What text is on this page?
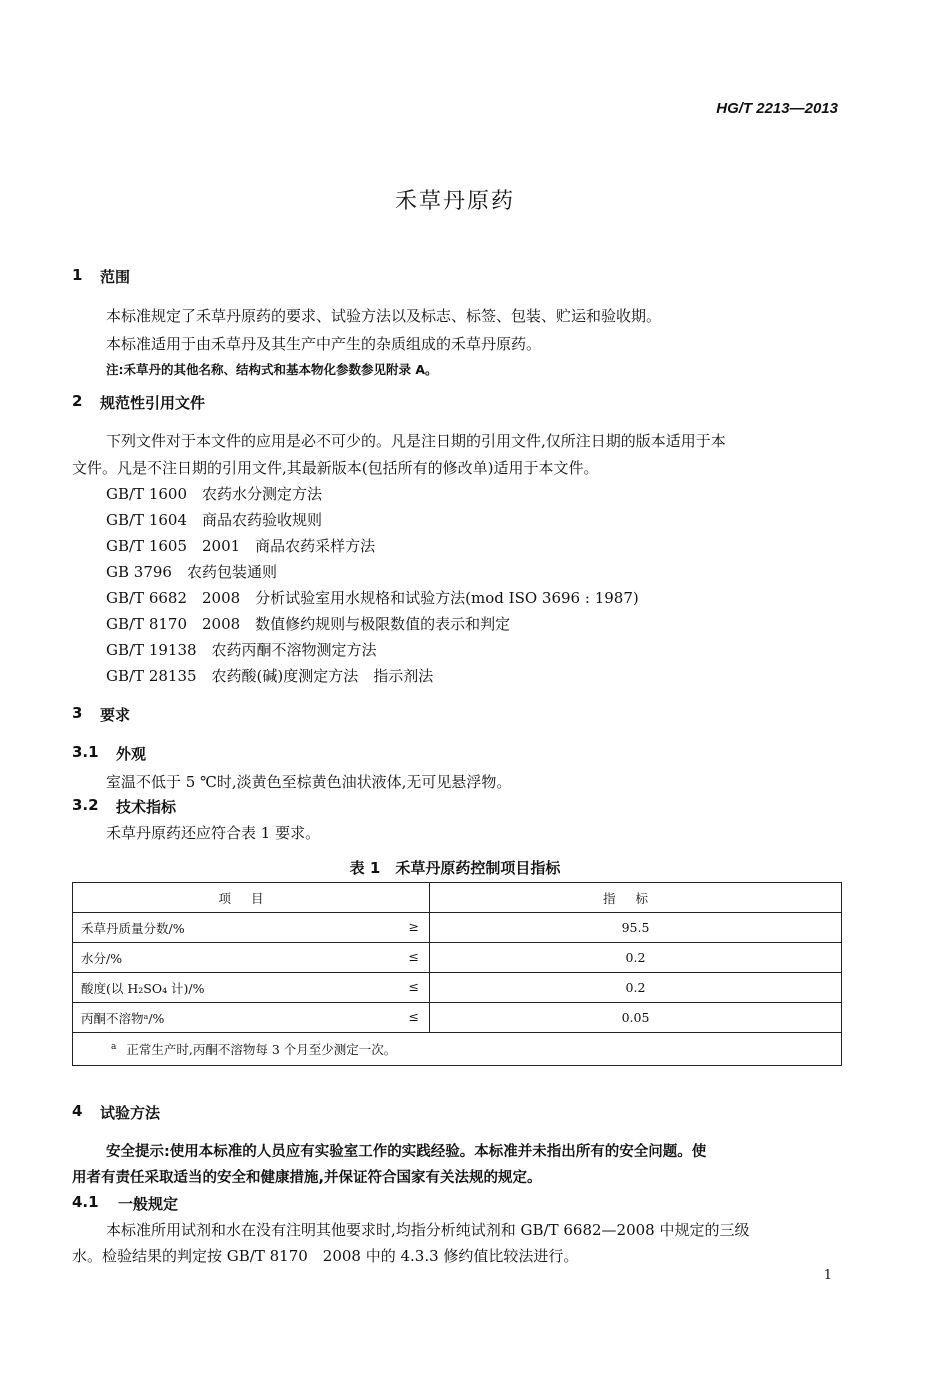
HG/T 2213—2013
禾草丹原药
1 范围
本标准规定了禾草丹原药的要求、试验方法以及标志、标签、包装、贮运和验收期。
本标准适用于由禾草丹及其生产中产生的杂质组成的禾草丹原药。
注:禾草丹的其他名称、结构式和基本物化参数参见附录 A。
2 规范性引用文件
下列文件对于本文件的应用是必不可少的。凡是注日期的引用文件,仅所注日期的版本适用于本
文件。凡是不注日期的引用文件,其最新版本(包括所有的修改单)适用于本文件。
GB/T 1600　农药水分测定方法
GB/T 1604　商品农药验收规则
GB/T 1605　2001　商品农药采样方法
GB 3796　农药包装通则
GB/T 6682　2008　分析试验室用水规格和试验方法(mod ISO 3696 : 1987)
GB/T 8170　2008　数值修约规则与极限数值的表示和判定
GB/T 19138　农药丙酮不溶物测定方法
GB/T 28135　农药酸(碱)度测定方法　指示剂法
3 要求
3.1 外观
室温不低于 5 ℃时,淡黄色至棕黄色油状液体,无可见悬浮物。
3.2 技术指标
禾草丹原药还应符合表 1 要求。
表 1　禾草丹原药控制项目指标
项目	指标
禾草丹质量分数/% ≥	95.5
水分/% ≤	0.2
酸度(以 H₂SO₄ 计)/% ≤	0.2
丙酮不溶物ᵃ/% ≤	0.05
$^a$ 正常生产时,丙酮不溶物每 3 个月至少测定一次。	
4 试验方法
安全提示:使用本标准的人员应有实验室工作的实践经验。本标准并未指出所有的安全问题。使
用者有责任采取适当的安全和健康措施,并保证符合国家有关法规的规定。
4.1 一般规定
本标准所用试剂和水在没有注明其他要求时,均指分析纯试剂和 GB/T 6682—2008 中规定的三级
水。检验结果的判定按 GB/T 8170　2008 中的 4.3.3 修约值比较法进行。
1
